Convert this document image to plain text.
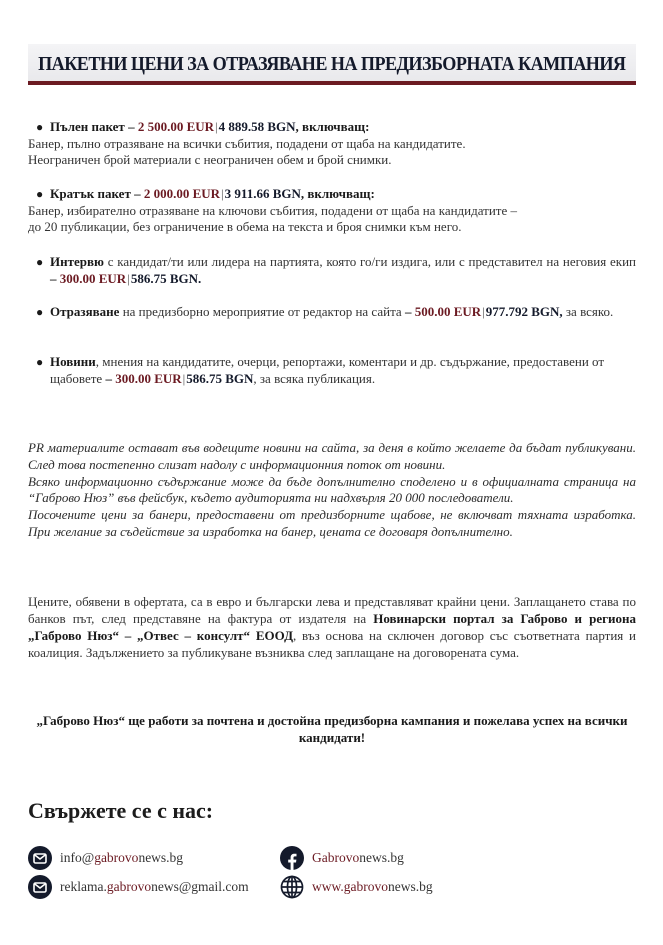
ПАКЕТНИ ЦЕНИ ЗА ОТРАЗЯВАНЕ НА ПРЕДИЗБОРНАТА КАМПАНИЯ
● Пълен пакет – 2 500.00 EUR|4 889.58 BGN, включващ:
Банер, пълно отразяване на всички събития, подадени от щаба на кандидатите.
Неограничен брой материали с неограничен обем и брой снимки.
● Кратък пакет – 2 000.00 EUR|3 911.66 BGN, включващ:
Банер, избирателно отразяване на ключови събития, подадени от щаба на кандидатите –
до 20 публикации, без ограничение в обема на текста и броя снимки към него.
● Интервю с кандидат/ти или лидера на партията, която го/ги издига, или с представител на неговия екип – 300.00 EUR|586.75 BGN.
● Отразяване на предизборно мероприятие от редактор на сайта – 500.00 EUR|977.792 BGN, за всяко.
● Новини, мнения на кандидатите, очерци, репортажи, коментари и др. съдържание, предоставени от щабовете – 300.00 EUR|586.75 BGN, за всяка публикация.

PR материалите остават във водещите новини на сайта, за деня в който желаете да бъдат публикувани. След това постепенно слизат надолу с информационния поток от новини.

Всяко информационно съдържание може да бъде допълнително споделено и в официалната страница на “Габрово Нюз” във фейсбук, където аудиторията ни надхвърля 20 000 последователи.

Посочените цени за банери, предоставени от предизборните щабове, не включват тяхната изработка. При желание за съдействие за изработка на банер, цената се договаря допълнително.

Цените, обявени в офертата, са в евро и български лева и представляват крайни цени. Заплащането става по банков път, след представяне на фактура от издателя на Новинарски портал за Габрово и региона „Габрово Нюз“ – „Отвес – консулт“ ЕООД, въз основа на сключен договор със съответната партия и коалиция. Задължението за публикуване възниква след заплащане на договорената сума.
„Габрово Нюз“ ще работи за почтена и достойна предизборна кампания и пожелава успех на всички кандидати!
Свържете се с нас:
info@gabrovonews.bg
reklama.gabrovonews@gmail.com
Gabrovonews.bg
www.gabrovonews.bg
